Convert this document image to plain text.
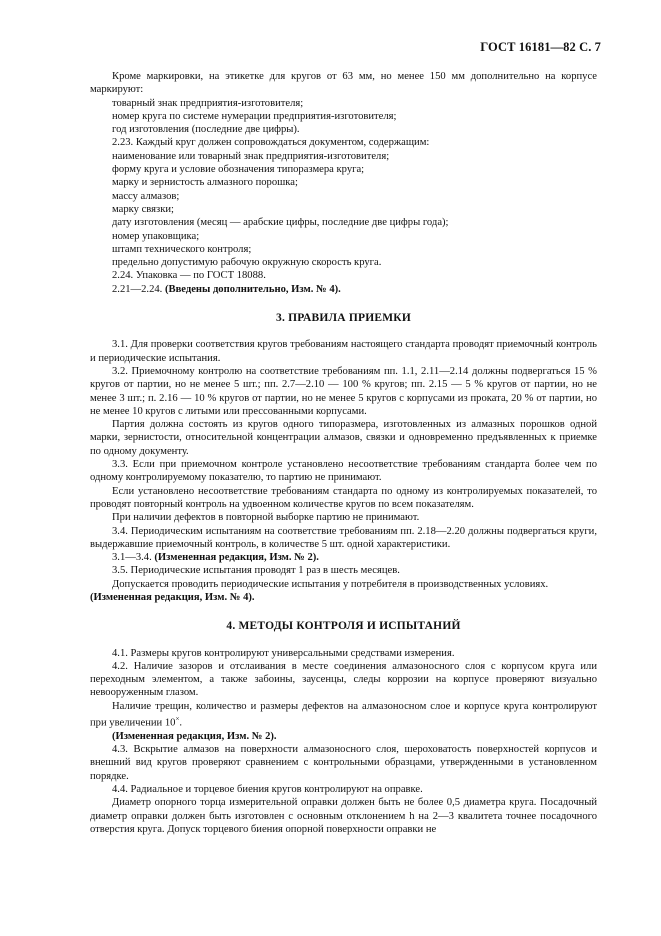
ГОСТ 16181—82 С. 7

Кроме маркировки, на этикетке для кругов от 63 мм, но менее 150 мм дополнительно на корпусе маркируют:

товарный знак предприятия-изготовителя;

номер круга по системе нумерации предприятия-изготовителя;

год изготовления (последние две цифры).

2.23. Каждый круг должен сопровождаться документом, содержащим:

наименование или товарный знак предприятия-изготовителя;

форму круга и условие обозначения типоразмера круга;

марку и зернистость алмазного порошка;

массу алмазов;

марку связки;

дату изготовления (месяц — арабские цифры, последние две цифры года);

номер упаковщика;

штамп технического контроля;

предельно допустимую рабочую окружную скорость круга.

2.24. Упаковка — по ГОСТ 18088.

2.21—2.24. (Введены дополнительно, Изм. № 4).

3. ПРАВИЛА ПРИЕМКИ

3.1. Для проверки соответствия кругов требованиям настоящего стандарта проводят приемочный контроль и периодические испытания.

3.2. Приемочному контролю на соответствие требованиям пп. 1.1, 2.11—2.14 должны подвергаться 15 % кругов от партии, но не менее 5 шт.; пп. 2.7—2.10 — 100 % кругов; пп. 2.15 — 5 % кругов от партии, но не менее 3 шт.; п. 2.16 — 10 % кругов от партии, но не менее 5 кругов с корпусами из проката, 20 % от партии, но не менее 10 кругов с литыми или прессованными корпусами.

Партия должна состоять из кругов одного типоразмера, изготовленных из алмазных порошков одной марки, зернистости, относительной концентрации алмазов, связки и одновременно предъявленных к приемке по одному документу.

3.3. Если при приемочном контроле установлено несоответствие требованиям стандарта более чем по одному контролируемому показателю, то партию не принимают.

Если установлено несоответствие требованиям стандарта по одному из контролируемых показателей, то проводят повторный контроль на удвоенном количестве кругов по всем показателям.

При наличии дефектов в повторной выборке партию не принимают.

3.4. Периодическим испытаниям на соответствие требованиям пп. 2.18—2.20 должны подвергаться круги, выдержавшие приемочный контроль, в количестве 5 шт. одной характеристики.

3.1—3.4. (Измененная редакция, Изм. № 2).

3.5. Периодические испытания проводят 1 раз в шесть месяцев.

Допускается проводить периодические испытания у потребителя в производственных условиях.

(Измененная редакция, Изм. № 4).

4. МЕТОДЫ КОНТРОЛЯ И ИСПЫТАНИЙ

4.1. Размеры кругов контролируют универсальными средствами измерения.

4.2. Наличие зазоров и отслаивания в месте соединения алмазоносного слоя с корпусом круга или переходным элементом, а также забоины, заусенцы, следы коррозии на корпусе проверяют визуально невооруженным глазом.

Наличие трещин, количество и размеры дефектов на алмазоносном слое и корпусе круга контролируют при увеличении 10×.

(Измененная редакция, Изм. № 2).

4.3. Вскрытие алмазов на поверхности алмазоносного слоя, шероховатость поверхностей корпусов и внешний вид кругов проверяют сравнением с контрольными образцами, утвержденными в установленном порядке.

4.4. Радиальное и торцевое биения кругов контролируют на оправке.

Диаметр опорного торца измерительной оправки должен быть не более 0,5 диаметра круга. Посадочный диаметр оправки должен быть изготовлен с основным отклонением h на 2—3 квалитета точнее посадочного отверстия круга. Допуск торцевого биения опорной поверхности оправки не
